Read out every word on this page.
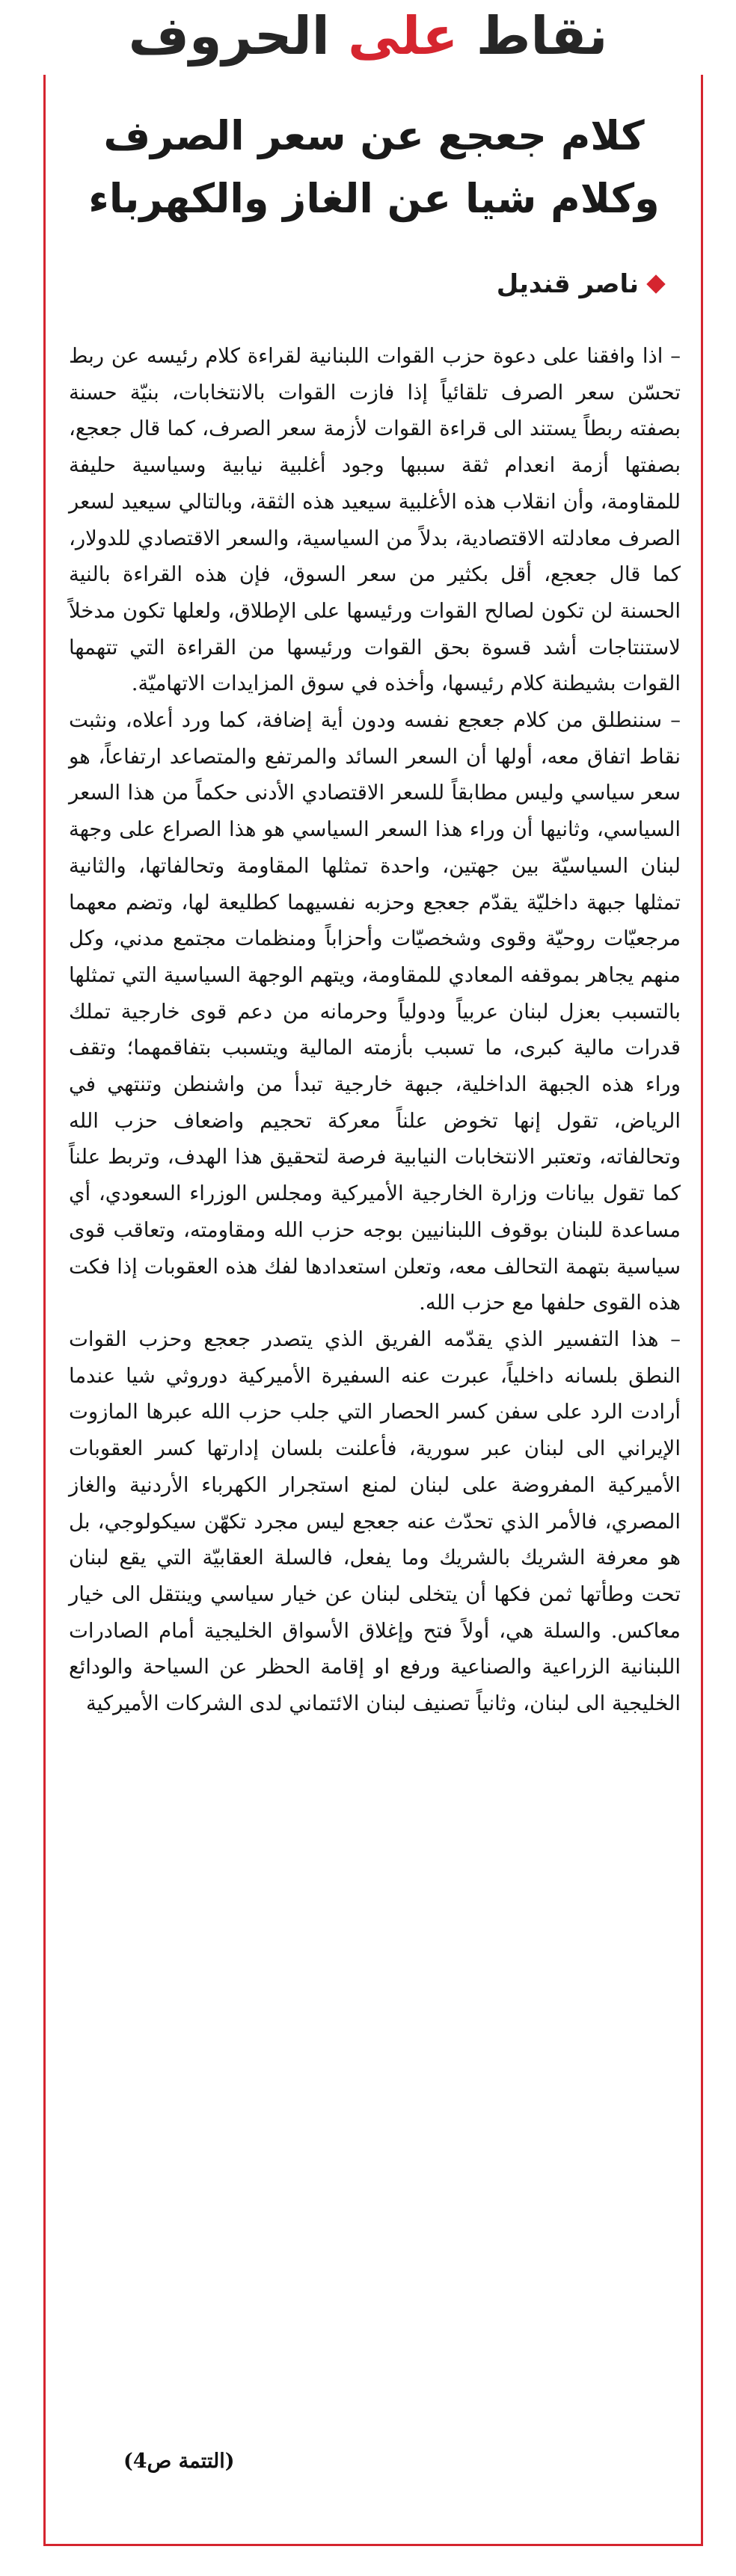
نقاط على الحروف
كلام جعجع عن سعر الصرف
وكلام شيا عن الغاز والكهرباء
ناصر قنديل

– اذا وافقنا على دعوة حزب القوات اللبنانية لقراءة كلام رئيسه عن ربط تحسّن سعر الصرف تلقائياً إذا فازت القوات بالانتخابات، بنيّة حسنة بصفته ربطاً يستند الى قراءة القوات لأزمة سعر الصرف، كما قال جعجع، بصفتها أزمة انعدام ثقة سببها وجود أغلبية نيابية وسياسية حليفة للمقاومة، وأن انقلاب هذه الأغلبية سيعيد هذه الثقة، وبالتالي سيعيد لسعر الصرف معادلته الاقتصادية، بدلاً من السياسية، والسعر الاقتصادي للدولار، كما قال جعجع، أقل بكثير من سعر السوق، فإن هذه القراءة بالنية الحسنة لن تكون لصالح القوات ورئيسها على الإطلاق، ولعلها تكون مدخلاً لاستنتاجات أشد قسوة بحق القوات ورئيسها من القراءة التي تتهمها القوات بشيطنة كلام رئيسها، وأخذه في سوق المزايدات الاتهاميّة.

– سننطلق من كلام جعجع نفسه ودون أية إضافة، كما ورد أعلاه، ونثبت نقاط اتفاق معه، أولها أن السعر السائد والمرتفع والمتصاعد ارتفاعاً، هو سعر سياسي وليس مطابقاً للسعر الاقتصادي الأدنى حكماً من هذا السعر السياسي، وثانيها أن وراء هذا السعر السياسي هو هذا الصراع على وجهة لبنان السياسيّة بين جهتين، واحدة تمثلها المقاومة وتحالفاتها، والثانية تمثلها جبهة داخليّة يقدّم جعجع وحزبه نفسيهما كطليعة لها، وتضم معهما مرجعيّات روحيّة وقوى وشخصيّات وأحزاباً ومنظمات مجتمع مدني، وكل منهم يجاهر بموقفه المعادي للمقاومة، ويتهم الوجهة السياسية التي تمثلها بالتسبب بعزل لبنان عربياً ودولياً وحرمانه من دعم قوى خارجية تملك قدرات مالية كبرى، ما تسبب بأزمته المالية ويتسبب بتفاقمهما؛ وتقف وراء هذه الجبهة الداخلية، جبهة خارجية تبدأ من واشنطن وتنتهي في الرياض، تقول إنها تخوض علناً معركة تحجيم واضعاف حزب الله وتحالفاته، وتعتبر الانتخابات النيابية فرصة لتحقيق هذا الهدف، وتربط علناً كما تقول بيانات وزارة الخارجية الأميركية ومجلس الوزراء السعودي، أي مساعدة للبنان بوقوف اللبنانيين بوجه حزب الله ومقاومته، وتعاقب قوى سياسية بتهمة التحالف معه، وتعلن استعدادها لفك هذه العقوبات إذا فكت هذه القوى حلفها مع حزب الله.

– هذا التفسير الذي يقدّمه الفريق الذي يتصدر جعجع وحزب القوات النطق بلسانه داخلياً، عبرت عنه السفيرة الأميركية دوروثي شيا عندما أرادت الرد على سفن كسر الحصار التي جلب حزب الله عبرها المازوت الإيراني الى لبنان عبر سورية، فأعلنت بلسان إدارتها كسر العقوبات الأميركية المفروضة على لبنان لمنع استجرار الكهرباء الأردنية والغاز المصري، فالأمر الذي تحدّث عنه جعجع ليس مجرد تكهّن سيكولوجي، بل هو معرفة الشريك بالشريك وما يفعل، فالسلة العقابيّة التي يقع لبنان تحت وطأتها ثمن فكها أن يتخلى لبنان عن خيار سياسي وينتقل الى خيار معاكس. والسلة هي، أولاً فتح وإغلاق الأسواق الخليجية أمام الصادرات اللبنانية الزراعية والصناعية ورفع او إقامة الحظر عن السياحة والودائع الخليجية الى لبنان، وثانياً تصنيف لبنان الائتماني لدى الشركات الأميركية

(التتمة ص4)
